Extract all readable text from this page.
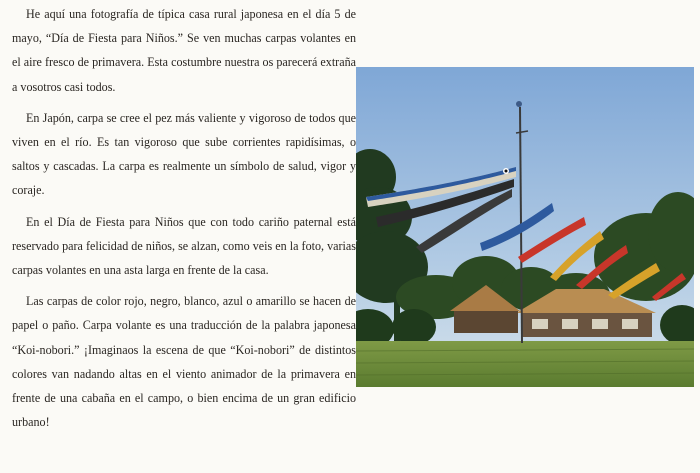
He aquí una fotografía de típica casa rural japonesa en el día 5 de mayo, “Día de Fiesta para Niños.” Se ven muchas carpas volantes en el aire fresco de primavera. Esta costumbre nuestra os parecerá extraña a vosotros casi todos.

En Japón, carpa se cree el pez más valiente y vigoroso de todos que viven en el río. Es tan vigoroso que sube corrientes rapidísimas, o saltos y cascadas. La carpa es realmente un símbolo de salud, vigor y coraje.

En el Día de Fiesta para Niños que con todo cariño paternal está reservado para felicidad de niños, se alzan, como veis en la foto, varias carpas volantes en una asta larga en frente de la casa.

Las carpas de color rojo, negro, blanco, azul o amarillo se hacen de papel o paño. Carpa volante es una traducción de la palabra japonesa “Koi-nobori.” ¡Imaginaos la escena de que “Koi-nobori” de distintos colores van nadando altas en el viento animador de la primavera en frente de una cabaña en el campo, o bien encima de un gran edificio urbano!
